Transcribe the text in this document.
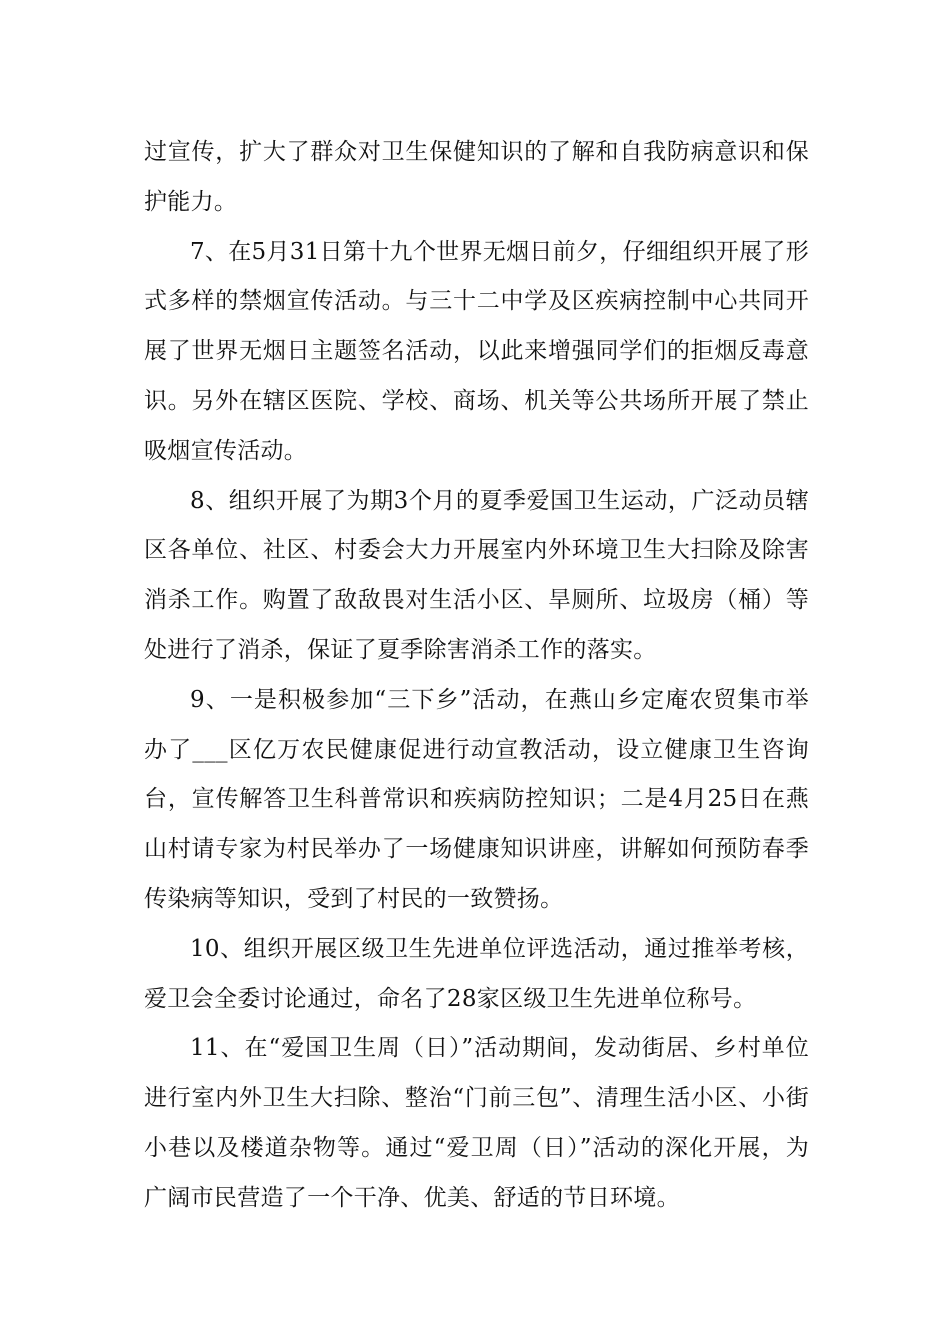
过宣传，扩大了群众对卫生保健知识的了解和自我防病意识和保护能力。

7、在5月31日第十九个世界无烟日前夕，仔细组织开展了形式多样的禁烟宣传活动。与三十二中学及区疾病控制中心共同开展了世界无烟日主题签名活动，以此来增强同学们的拒烟反毒意识。另外在辖区医院、学校、商场、机关等公共场所开展了禁止吸烟宣传活动。

8、组织开展了为期3个月的夏季爱国卫生运动，广泛动员辖区各单位、社区、村委会大力开展室内外环境卫生大扫除及除害消杀工作。购置了敌敌畏对生活小区、旱厕所、垃圾房（桶）等处进行了消杀，保证了夏季除害消杀工作的落实。

9、一是积极参加“三下乡”活动，在燕山乡定庵农贸集市举办了___区亿万农民健康促进行动宣教活动，设立健康卫生咨询台，宣传解答卫生科普常识和疾病防控知识；二是4月25日在燕山村请专家为村民举办了一场健康知识讲座，讲解如何预防春季传染病等知识，受到了村民的一致赞扬。

10、组织开展区级卫生先进单位评选活动，通过推举考核，爱卫会全委讨论通过，命名了28家区级卫生先进单位称号。

11、在“爱国卫生周（日）”活动期间，发动街居、乡村单位进行室内外卫生大扫除、整治“门前三包”、清理生活小区、小街小巷以及楼道杂物等。通过“爱卫周（日）”活动的深化开展，为广阔市民营造了一个干净、优美、舒适的节日环境。
